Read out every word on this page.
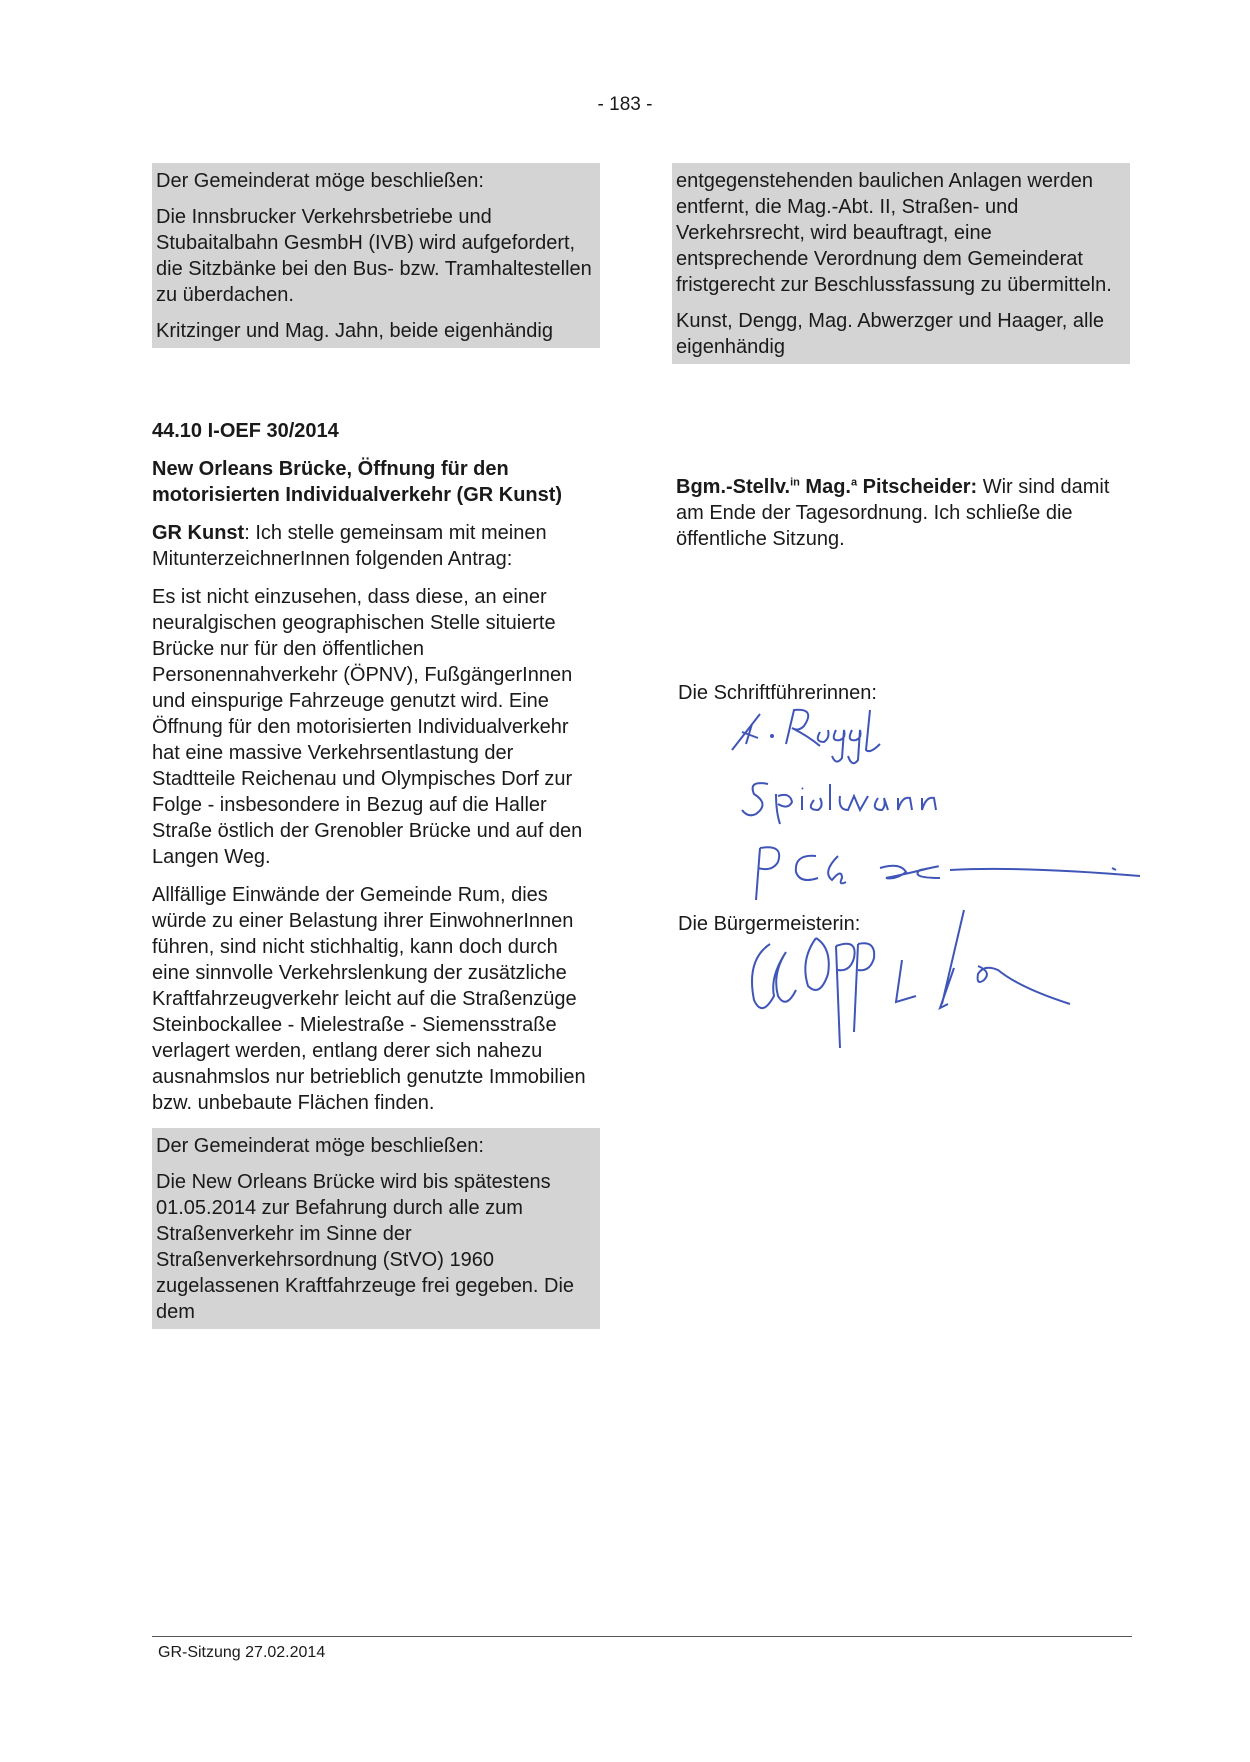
- 183 -

Der Gemeinderat möge beschließen:

Die Innsbrucker Verkehrsbetriebe und Stubaitalbahn GesmbH (IVB) wird aufgefordert, die Sitzbänke bei den Bus- bzw. Tramhaltestellen zu überdachen.

Kritzinger und Mag. Jahn, beide eigenhändig

entgegenstehenden baulichen Anlagen werden entfernt, die Mag.-Abt. II, Straßen- und Verkehrsrecht, wird beauftragt, eine entsprechende Verordnung dem Gemeinderat fristgerecht zur Beschlussfassung zu übermitteln.

Kunst, Dengg, Mag. Abwerzger und Haager, alle eigenhändig

44.10 I-OEF 30/2014

New Orleans Brücke, Öffnung für den motorisierten Individualverkehr (GR Kunst)

GR Kunst: Ich stelle gemeinsam mit meinen MitunterzeichnerInnen folgenden Antrag:

Es ist nicht einzusehen, dass diese, an einer neuralgischen geographischen Stelle situierte Brücke nur für den öffentlichen Personennahverkehr (ÖPNV), FußgängerInnen und einspurige Fahrzeuge genutzt wird. Eine Öffnung für den motorisierten Individualverkehr hat eine massive Verkehrsentlastung der Stadtteile Reichenau und Olympisches Dorf zur Folge - insbesondere in Bezug auf die Haller Straße östlich der Grenobler Brücke und auf den Langen Weg.

Allfällige Einwände der Gemeinde Rum, dies würde zu einer Belastung ihrer EinwohnerInnen führen, sind nicht stichhaltig, kann doch durch eine sinnvolle Verkehrslenkung der zusätzliche Kraftfahrzeugverkehr leicht auf die Straßenzüge Steinbockallee - Mielestraße - Siemensstraße verlagert werden, entlang derer sich nahezu ausnahmslos nur betrieblich genutzte Immobilien bzw. unbebaute Flächen finden.

Der Gemeinderat möge beschließen:

Die New Orleans Brücke wird bis spätestens 01.05.2014 zur Befahrung durch alle zum Straßenverkehr im Sinne der Straßenverkehrsordnung (StVO) 1960 zugelassenen Kraftfahrzeuge frei gegeben. Die dem

Bgm.-Stellv.$^{in}$ Mag.$^a$ Pitscheider: Wir sind damit am Ende der Tagesordnung. Ich schließe die öffentliche Sitzung.

Die Schriftführerinnen:
Die Bürgermeisterin:
GR-Sitzung 27.02.2014
